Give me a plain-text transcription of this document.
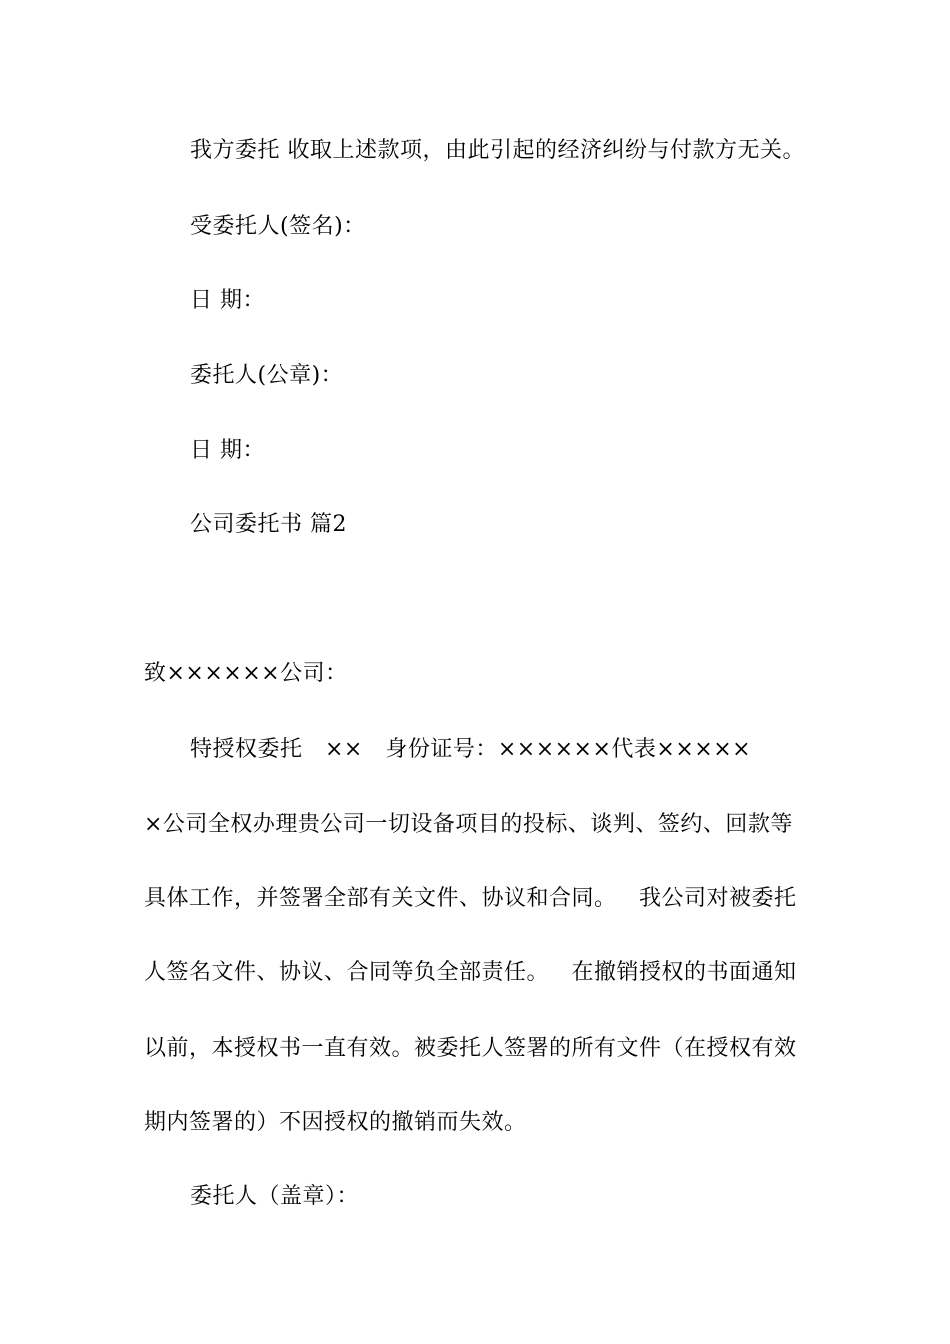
我方委托 收取上述款项，由此引起的经济纠纷与付款方无关。
受委托人(签名)：
日 期：
委托人(公章)：
日 期：
公司委托书 篇2
致××××××公司：
特授权委托   ××   身份证号：××××××代表×××××
×公司全权办理贵公司一切设备项目的投标、谈判、签约、回款等
具体工作，并签署全部有关文件、协议和合同。   我公司对被委托
人签名文件、协议、合同等负全部责任。   在撤销授权的书面通知
以前，本授权书一直有效。被委托人签署的所有文件（在授权有效
期内签署的）不因授权的撤销而失效。
委托人（盖章）：
